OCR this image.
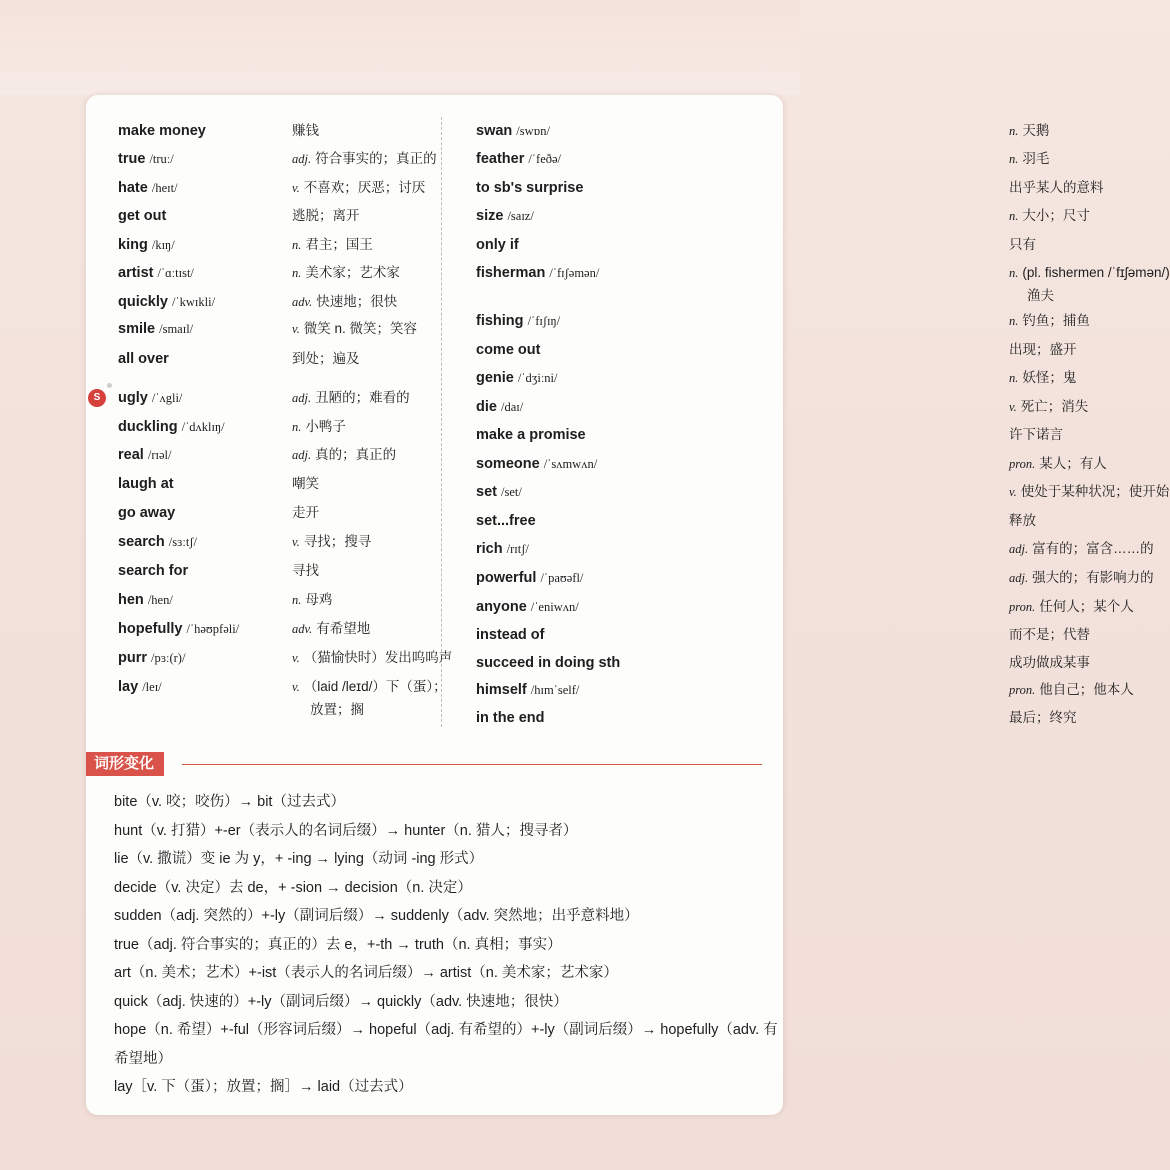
make money	赚钱
true /truː/	adj. 符合事实的；真正的
hate /heɪt/	v. 不喜欢；厌恶；讨厌
get out	逃脱；离开
king /kɪŋ/	n. 君主；国王
artist /ˈɑːtɪst/	n. 美术家；艺术家
quickly /ˈkwɪkli/	adv. 快速地；很快
smile /smaɪl/	v. 微笑 n. 微笑；笑容
all over	到处；遍及
ugly /ˈʌgli/	adj. 丑陋的；难看的
duckling /ˈdʌklɪŋ/	n. 小鸭子
real /rɪəl/	adj. 真的；真正的
laugh at	嘲笑
go away	走开
search /sɜːtʃ/	v. 寻找；搜寻
search for	寻找
hen /hen/	n. 母鸡
hopefully /ˈhəʊpfəli/	adv. 有希望地
purr /pɜː(r)/	v. （猫愉快时）发出呜呜声
lay /leɪ/	v. （laid /leɪd/）下（蛋）；
放置；搁
swan /swɒn/	n. 天鹅
feather /ˈfeðə/	n. 羽毛
to sb's surprise	出乎某人的意料
size /saɪz/	n. 大小；尺寸
only if	只有
fisherman /ˈfɪʃəmən/	n. (pl. fishermen /ˈfɪʃəmən/)
渔夫
fishing /ˈfɪʃɪŋ/	n. 钓鱼；捕鱼
come out	出现；盛开
genie /ˈdʒiːni/	n. 妖怪；鬼
die /daɪ/	v. 死亡；消失
make a promise	许下诺言
someone /ˈsʌmwʌn/	pron. 某人；有人
set /set/	v. 使处于某种状况；使开始
set...free	释放
rich /rɪtʃ/	adj. 富有的；富含……的
powerful /ˈpaʊəfl/	adj. 强大的；有影响力的
anyone /ˈeniwʌn/	pron. 任何人；某个人
instead of	而不是；代替
succeed in doing sth	成功做成某事
himself /hɪmˈself/	pron. 他自己；他本人
in the end	最后；终究
S
词形变化
bite（v. 咬；咬伤）→ bit（过去式）
hunt（v. 打猎）+-er（表示人的名词后缀）→ hunter（n. 猎人；搜寻者）
lie（v. 撒谎）变 ie 为 y，+ -ing → lying（动词 -ing 形式）
decide（v. 决定）去 de，+ -sion → decision（n. 决定）
sudden（adj. 突然的）+-ly（副词后缀）→ suddenly（adv. 突然地；出乎意料地）
true（adj. 符合事实的；真正的）去 e，+-th → truth（n. 真相；事实）
art（n. 美术；艺术）+-ist（表示人的名词后缀）→ artist（n. 美术家；艺术家）
quick（adj. 快速的）+-ly（副词后缀）→ quickly（adv. 快速地；很快）
hope（n. 希望）+-ful（形容词后缀）→ hopeful（adj. 有希望的）+-ly（副词后缀）→ hopefully（adv. 有
希望地）
lay［v. 下（蛋）；放置；搁］→ laid（过去式）
